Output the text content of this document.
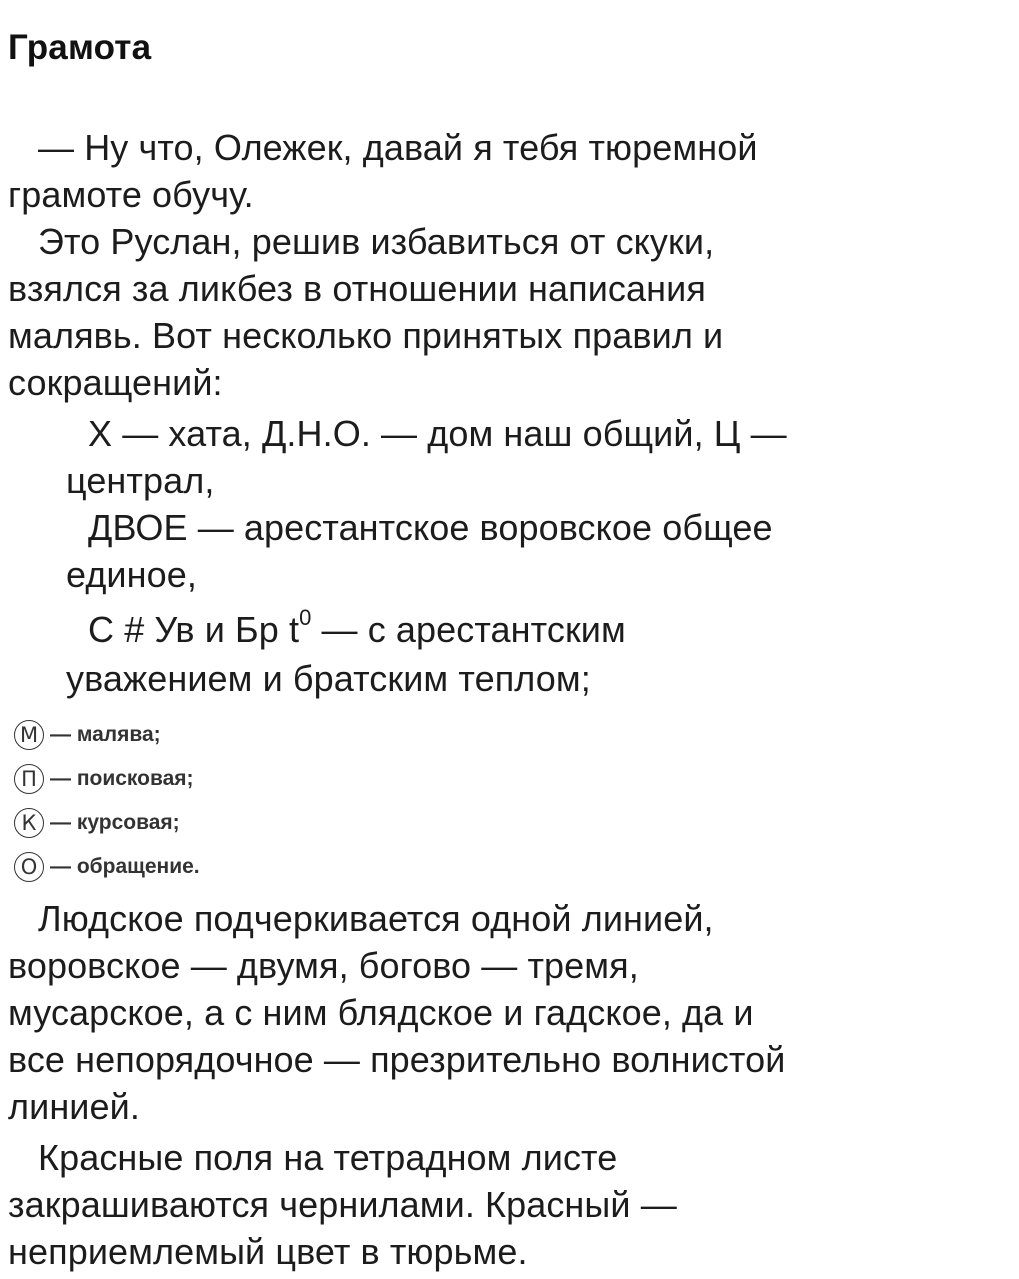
Грамота
— Ну что, Олежек, давай я тебя тюремной
грамоте обучу.
Это Руслан, решив избавиться от скуки,
взялся за ликбез в отношении написания
малявь. Вот несколько принятых правил и
сокращений:
Х — хата, Д.Н.О. — дом наш общий, Ц —
централ,
ДВОЕ — арестантское воровское общее
единое,
С # Ув и Бр $t^0$ — с арестантским
уважением и братским теплом;
М — малява;
П — поисковая;
К — курсовая;
О — обращение.
Людское подчеркивается одной линией,
воровское — двумя, богово — тремя,
мусарское, а с ним блядское и гадское, да и
все непорядочное — презрительно волнистой
линией.
Красные поля на тетрадном листе
закрашиваются чернилами. Красный —
неприемлемый цвет в тюрьме.
